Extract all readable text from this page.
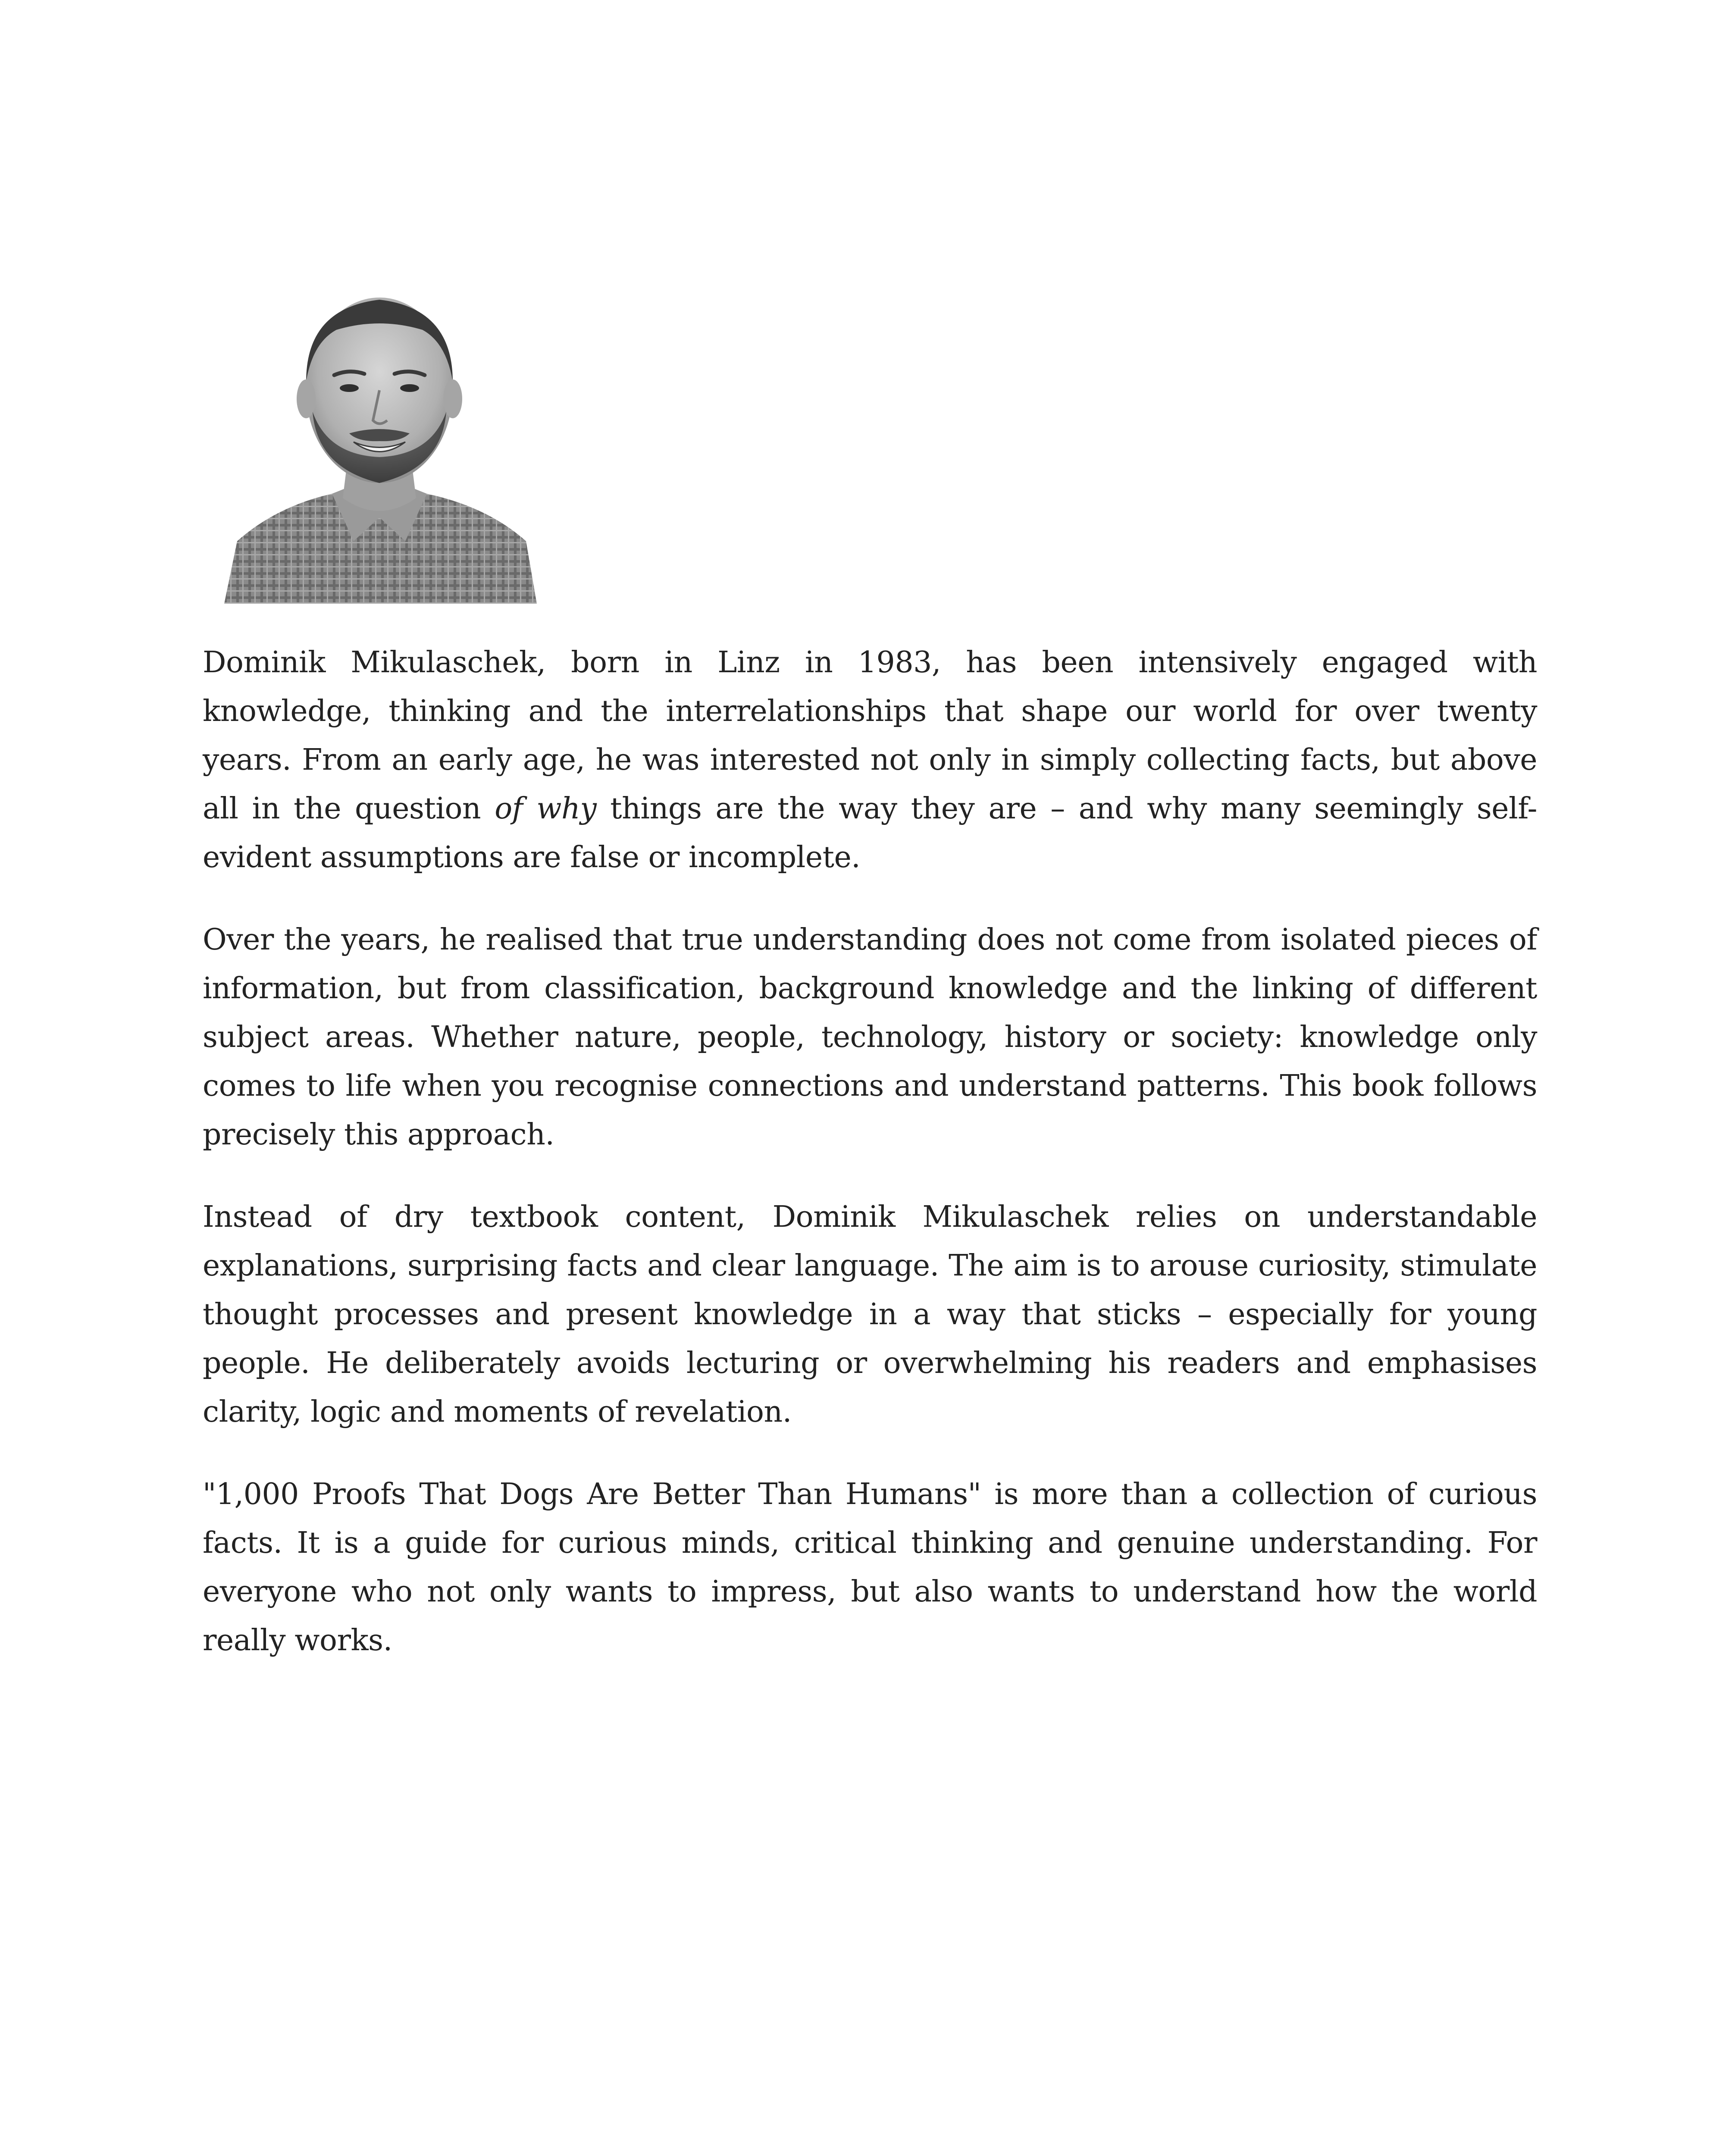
Dominik Mikulaschek, born in Linz in 1983, has been intensively engaged with knowledge, thinking and the interrelationships that shape our world for over twenty years. From an early age, he was interested not only in simply collecting facts, but above all in the question of why things are the way they are – and why many seemingly self-evident assumptions are false or incomplete.

Over the years, he realised that true understanding does not come from isolated pieces of information, but from classification, background knowledge and the linking of different subject areas. Whether nature, people, technology, history or society: knowledge only comes to life when you recognise connections and understand patterns. This book follows precisely this approach.

Instead of dry textbook content, Dominik Mikulaschek relies on understandable explanations, surprising facts and clear language. The aim is to arouse curiosity, stimulate thought processes and present knowledge in a way that sticks – especially for young people. He deliberately avoids lecturing or overwhelming his readers and emphasises clarity, logic and moments of revelation.

"1,000 Proofs That Dogs Are Better Than Humans" is more than a collection of curious facts. It is a guide for curious minds, critical thinking and genuine understanding. For everyone who not only wants to impress, but also wants to understand how the world really works.
